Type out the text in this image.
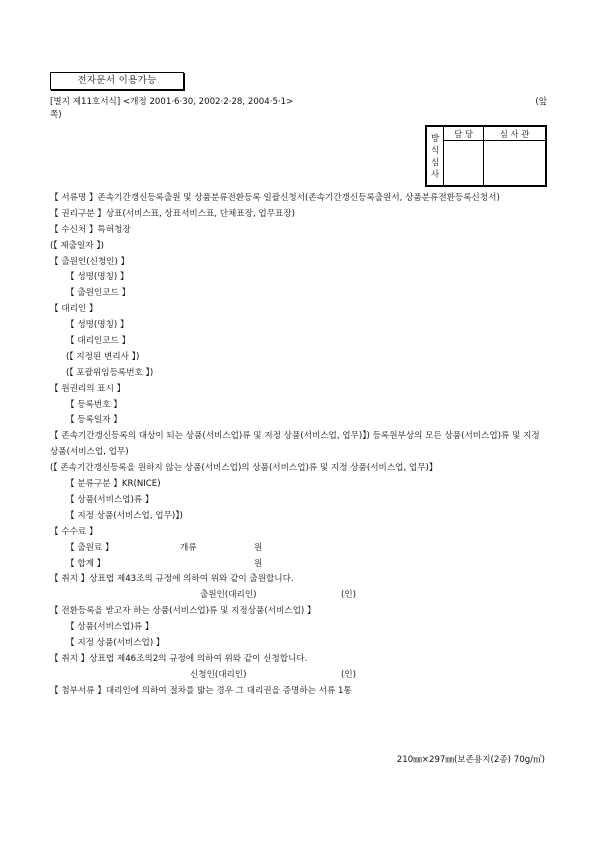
전자문서 이용가능
[별지 제11호서식] <개정 2001·6·30, 2002·2·28, 2004·5·1>	(앞

쪽)
방
식
심
사	담 당	심 사 관

【 서류명 】존속기간갱신등록출원 및 상품분류전환등록 일괄신청서(존속기간갱신등록출원서, 상품분류전환등록신청서)
【 권리구분 】상표(서비스표, 상표서비스표, 단체표장, 업무표장)
【 수신처 】특허청장
(【 제출일자 】)
【 출원인(신청인) 】
【 성명(명칭) 】
【 출원인코드 】
【 대리인 】
【 성명(명칭) 】
【 대리인코드 】
(【 지정된 변리사 】)
(【 포괄위임등록번호 】)
【 원권리의 표시 】
【 등록번호 】
【 등록일자 】
【 존속기간갱신등록의 대상이 되는 상품(서비스업)류 및 지정 상품(서비스업, 업무)】) 등록원부상의 모든 상품(서비스업)류 및 지정상품(서비스업, 업무)
(【 존속기간갱신등록을 원하지 않는 상품(서비스업)의 상품(서비스업)류 및 지정 상품(서비스업, 업무)】
【 분류구분 】KR(NICE)
【 상품(서비스업)류 】
【 지정 상품(서비스업, 업무)】)
【 수수료 】
【 출원료 】	개류	원
【 합계 】	원
【 취지 】상표법 제43조의 규정에 의하여 위와 같이 출원합니다.
출원인(대리인)	(인)
【 전환등록을 받고자 하는 상품(서비스업)류 및 지정상품(서비스업) 】
【 상품(서비스업)류 】
【 지정 상품(서비스업) 】
【 취지 】상표법 제46조의2의 규정에 의하여 위와 같이 신청합니다.
신청인(대리인)	(인)
【 첨부서류 】대리인에 의하여 절차를 밟는 경우 그 대리권을 증명하는 서류 1통
210㎜×297㎜(보존용지(2종) 70g/㎡)
